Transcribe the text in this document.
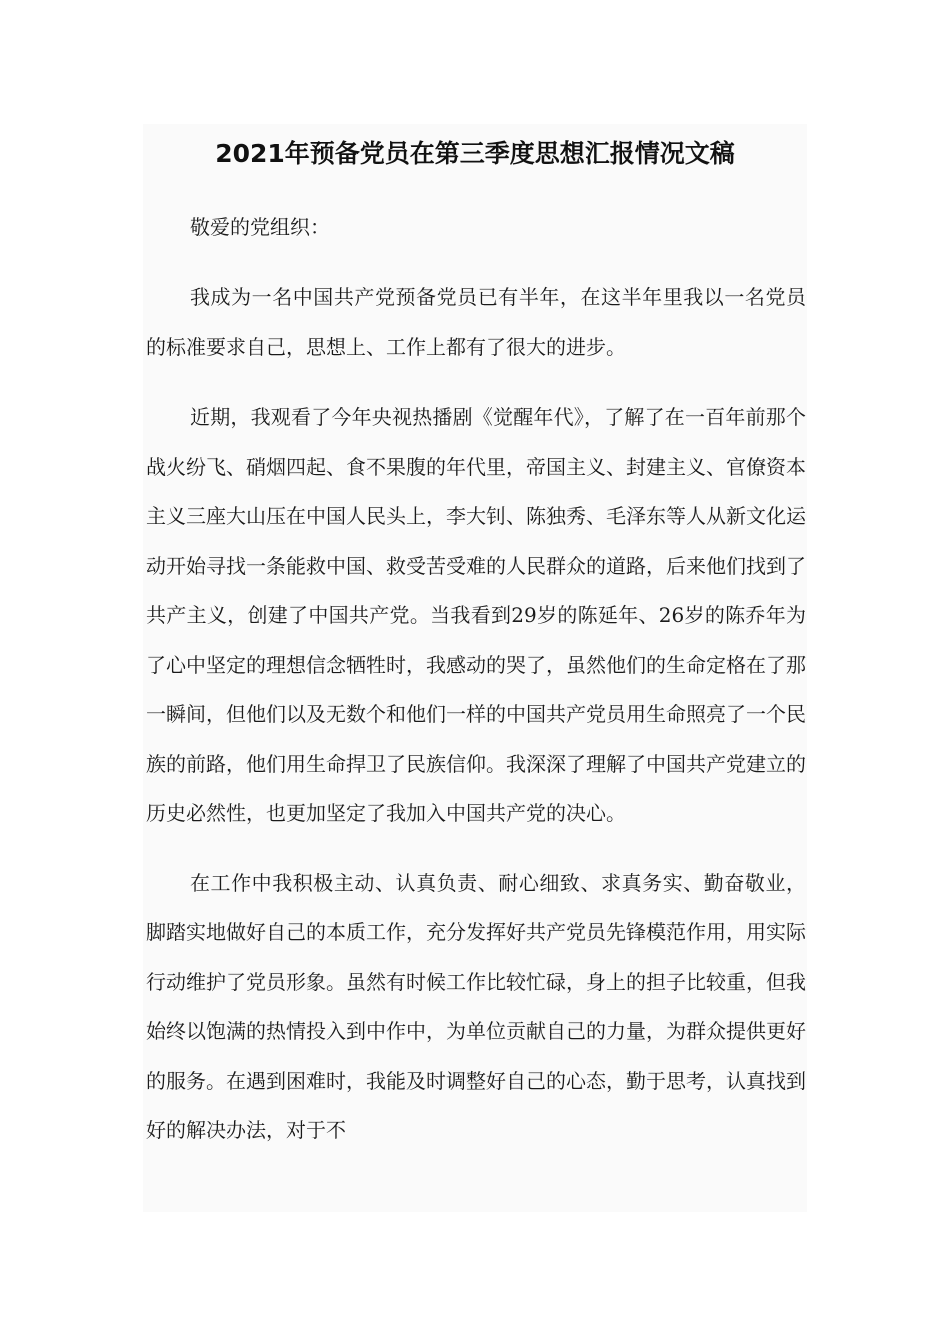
2021年预备党员在第三季度思想汇报情况文稿

敬爱的党组织：

我成为一名中国共产党预备党员已有半年，在这半年里我以一名党员的标准要求自己，思想上、工作上都有了很大的进步。

近期，我观看了今年央视热播剧《觉醒年代》，了解了在一百年前那个战火纷飞、硝烟四起、食不果腹的年代里，帝国主义、封建主义、官僚资本主义三座大山压在中国人民头上，李大钊、陈独秀、毛泽东等人从新文化运动开始寻找一条能救中国、救受苦受难的人民群众的道路，后来他们找到了共产主义，创建了中国共产党。当我看到29岁的陈延年、26岁的陈乔年为了心中坚定的理想信念牺牲时，我感动的哭了，虽然他们的生命定格在了那一瞬间，但他们以及无数个和他们一样的中国共产党员用生命照亮了一个民族的前路，他们用生命捍卫了民族信仰。我深深了理解了中国共产党建立的历史必然性，也更加坚定了我加入中国共产党的决心。

在工作中我积极主动、认真负责、耐心细致、求真务实、勤奋敬业，脚踏实地做好自己的本质工作，充分发挥好共产党员先锋模范作用，用实际行动维护了党员形象。虽然有时候工作比较忙碌，身上的担子比较重，但我始终以饱满的热情投入到中作中，为单位贡献自己的力量，为群众提供更好的服务。在遇到困难时，我能及时调整好自己的心态，勤于思考，认真找到好的解决办法，对于不
